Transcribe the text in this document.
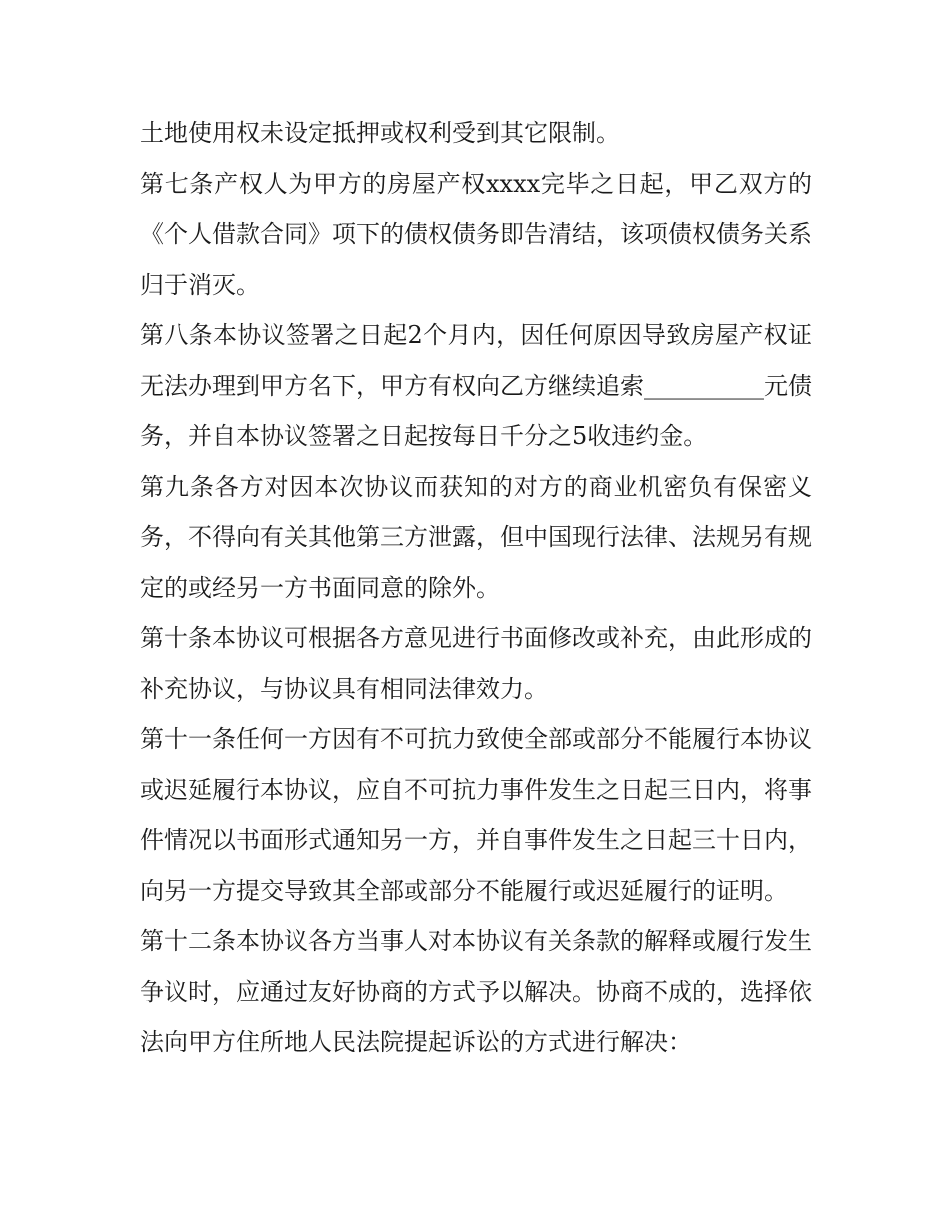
土地使用权未设定抵押或权利受到其它限制。

第七条产权人为甲方的房屋产权xxxx完毕之日起，甲乙双方的《个人借款合同》项下的债权债务即告清结，该项债权债务关系归于消灭。

第八条本协议签署之日起2个月内，因任何原因导致房屋产权证无法办理到甲方名下，甲方有权向乙方继续追索__________元债务，并自本协议签署之日起按每日千分之5收违约金。

第九条各方对因本次协议而获知的对方的商业机密负有保密义务，不得向有关其他第三方泄露，但中国现行法律、法规另有规定的或经另一方书面同意的除外。

第十条本协议可根据各方意见进行书面修改或补充，由此形成的补充协议，与协议具有相同法律效力。

第十一条任何一方因有不可抗力致使全部或部分不能履行本协议或迟延履行本协议，应自不可抗力事件发生之日起三日内，将事件情况以书面形式通知另一方，并自事件发生之日起三十日内，向另一方提交导致其全部或部分不能履行或迟延履行的证明。

第十二条本协议各方当事人对本协议有关条款的解释或履行发生争议时，应通过友好协商的方式予以解决。协商不成的，选择依法向甲方住所地人民法院提起诉讼的方式进行解决：
